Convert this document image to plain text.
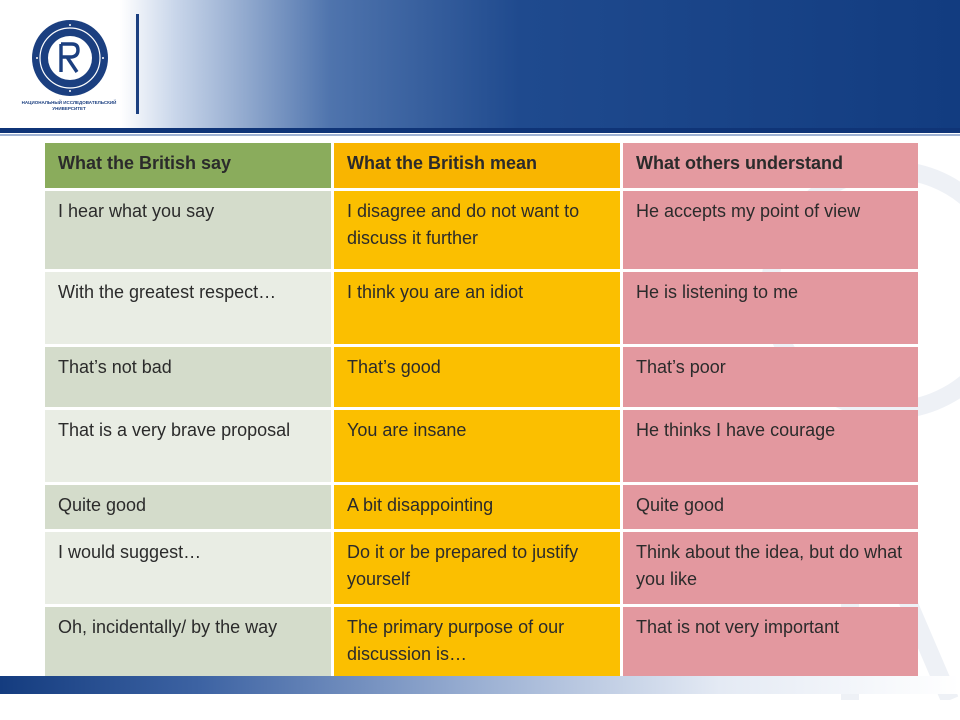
НАЦИОНАЛЬНЫЙ ИССЛЕДОВАТЕЛЬСКИЙ
УНИВЕРСИТЕТ
What the British say	What the British mean	What others understand
I hear what you say	I disagree and do not want to discuss it further	He accepts my point of view
With the greatest respect…	I think you are an idiot	He is listening to me
That’s not bad	That’s good	That’s poor
That is a very brave proposal	You are insane	He thinks I have courage
Quite good	A bit disappointing	Quite good
I would suggest…	Do it or be prepared to justify yourself	Think about the idea, but do what you like
Oh, incidentally/ by the way	The primary purpose of our discussion is…	That is not very important
